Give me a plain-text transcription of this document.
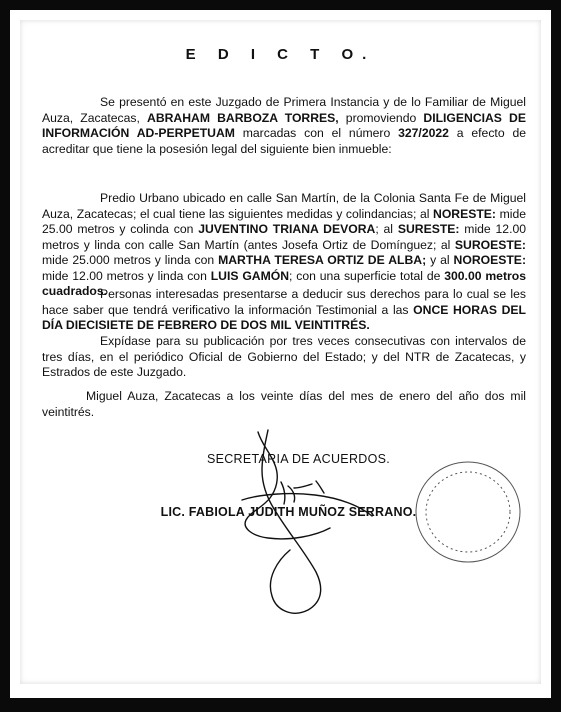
E D I C T O.

Se presentó en este Juzgado de Primera Instancia y de lo Familiar de Miguel Auza, Zacatecas, ABRAHAM BARBOZA TORRES, promoviendo DILIGENCIAS DE INFORMACIÓN AD-PERPETUAM marcadas con el número 327/2022 a efecto de acreditar que tiene la posesión legal del siguiente bien inmueble:

Predio Urbano ubicado en calle San Martín, de la Colonia Santa Fe de Miguel Auza, Zacatecas; el cual tiene las siguientes medidas y colindancias; al NORESTE: mide 25.00 metros y colinda con JUVENTINO TRIANA DEVORA; al SURESTE: mide 12.00 metros y linda con calle San Martín (antes Josefa Ortiz de Domínguez; al SUROESTE: mide 25.000 metros y linda con MARTHA TERESA ORTIZ DE ALBA; y al NOROESTE: mide 12.00 metros y linda con LUIS GAMÓN; con una superficie total de 300.00 metros cuadrados.

Personas interesadas presentarse a deducir sus derechos para lo cual se les hace saber que tendrá verificativo la información Testimonial a las ONCE HORAS DEL DÍA DIECISIETE DE FEBRERO DE DOS MIL VEINTITRÉS.

Expídase para su publicación por tres veces consecutivas con intervalos de tres días, en el periódico Oficial de Gobierno del Estado; y del NTR de Zacatecas, y Estrados de este Juzgado.

Miguel Auza, Zacatecas a los veinte días del mes de enero del año dos mil veintitrés.

SECRETARIA DE ACUERDOS.
LIC. FABIOLA JUDITH MUÑOZ SERRANO.
